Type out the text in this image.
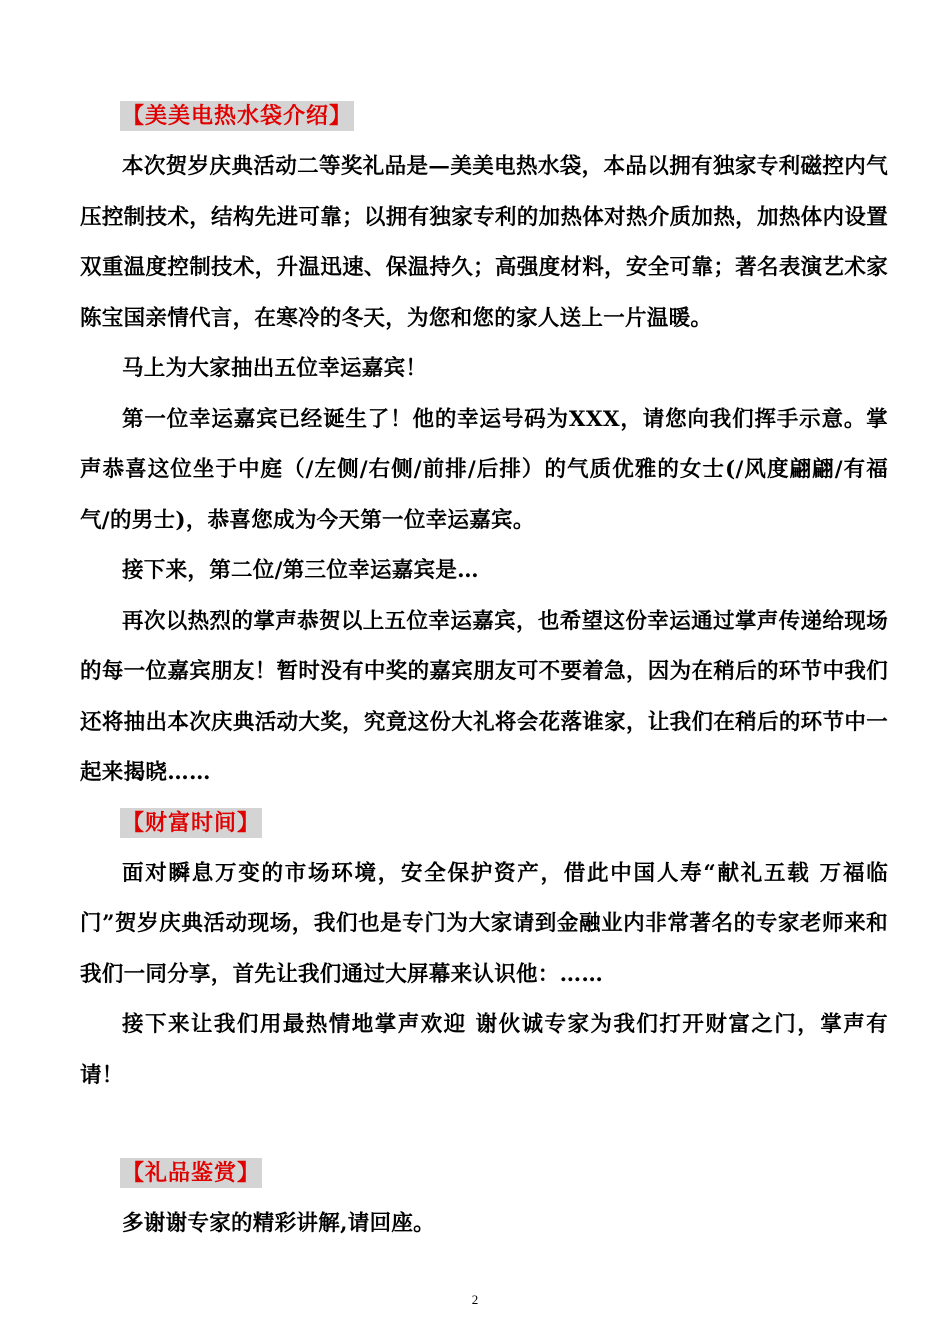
【美美电热水袋介绍】

本次贺岁庆典活动二等奖礼品是—美美电热水袋，本品以拥有独家专利磁控内气压控制技术，结构先进可靠；以拥有独家专利的加热体对热介质加热，加热体内设置双重温度控制技术，升温迅速、保温持久；高强度材料，安全可靠；著名表演艺术家陈宝国亲情代言，在寒冷的冬天，为您和您的家人送上一片温暖。

马上为大家抽出五位幸运嘉宾！

第一位幸运嘉宾已经诞生了！他的幸运号码为XXX，请您向我们挥手示意。掌声恭喜这位坐于中庭（/左侧/右侧/前排/后排）的气质优雅的女士(/风度翩翩/有福气/的男士)，恭喜您成为今天第一位幸运嘉宾。

接下来，第二位/第三位幸运嘉宾是…

再次以热烈的掌声恭贺以上五位幸运嘉宾，也希望这份幸运通过掌声传递给现场的每一位嘉宾朋友！暂时没有中奖的嘉宾朋友可不要着急，因为在稍后的环节中我们还将抽出本次庆典活动大奖，究竟这份大礼将会花落谁家，让我们在稍后的环节中一起来揭晓……

【财富时间】

面对瞬息万变的市场环境，安全保护资产，借此中国人寿“献礼五载 万福临门”贺岁庆典活动现场，我们也是专门为大家请到金融业内非常著名的专家老师来和我们一同分享，首先让我们通过大屏幕来认识他：……

接下来让我们用最热情地掌声欢迎 谢伙诚专家为我们打开财富之门，掌声有请！

【礼品鉴赏】

多谢谢专家的精彩讲解,请回座。

2
